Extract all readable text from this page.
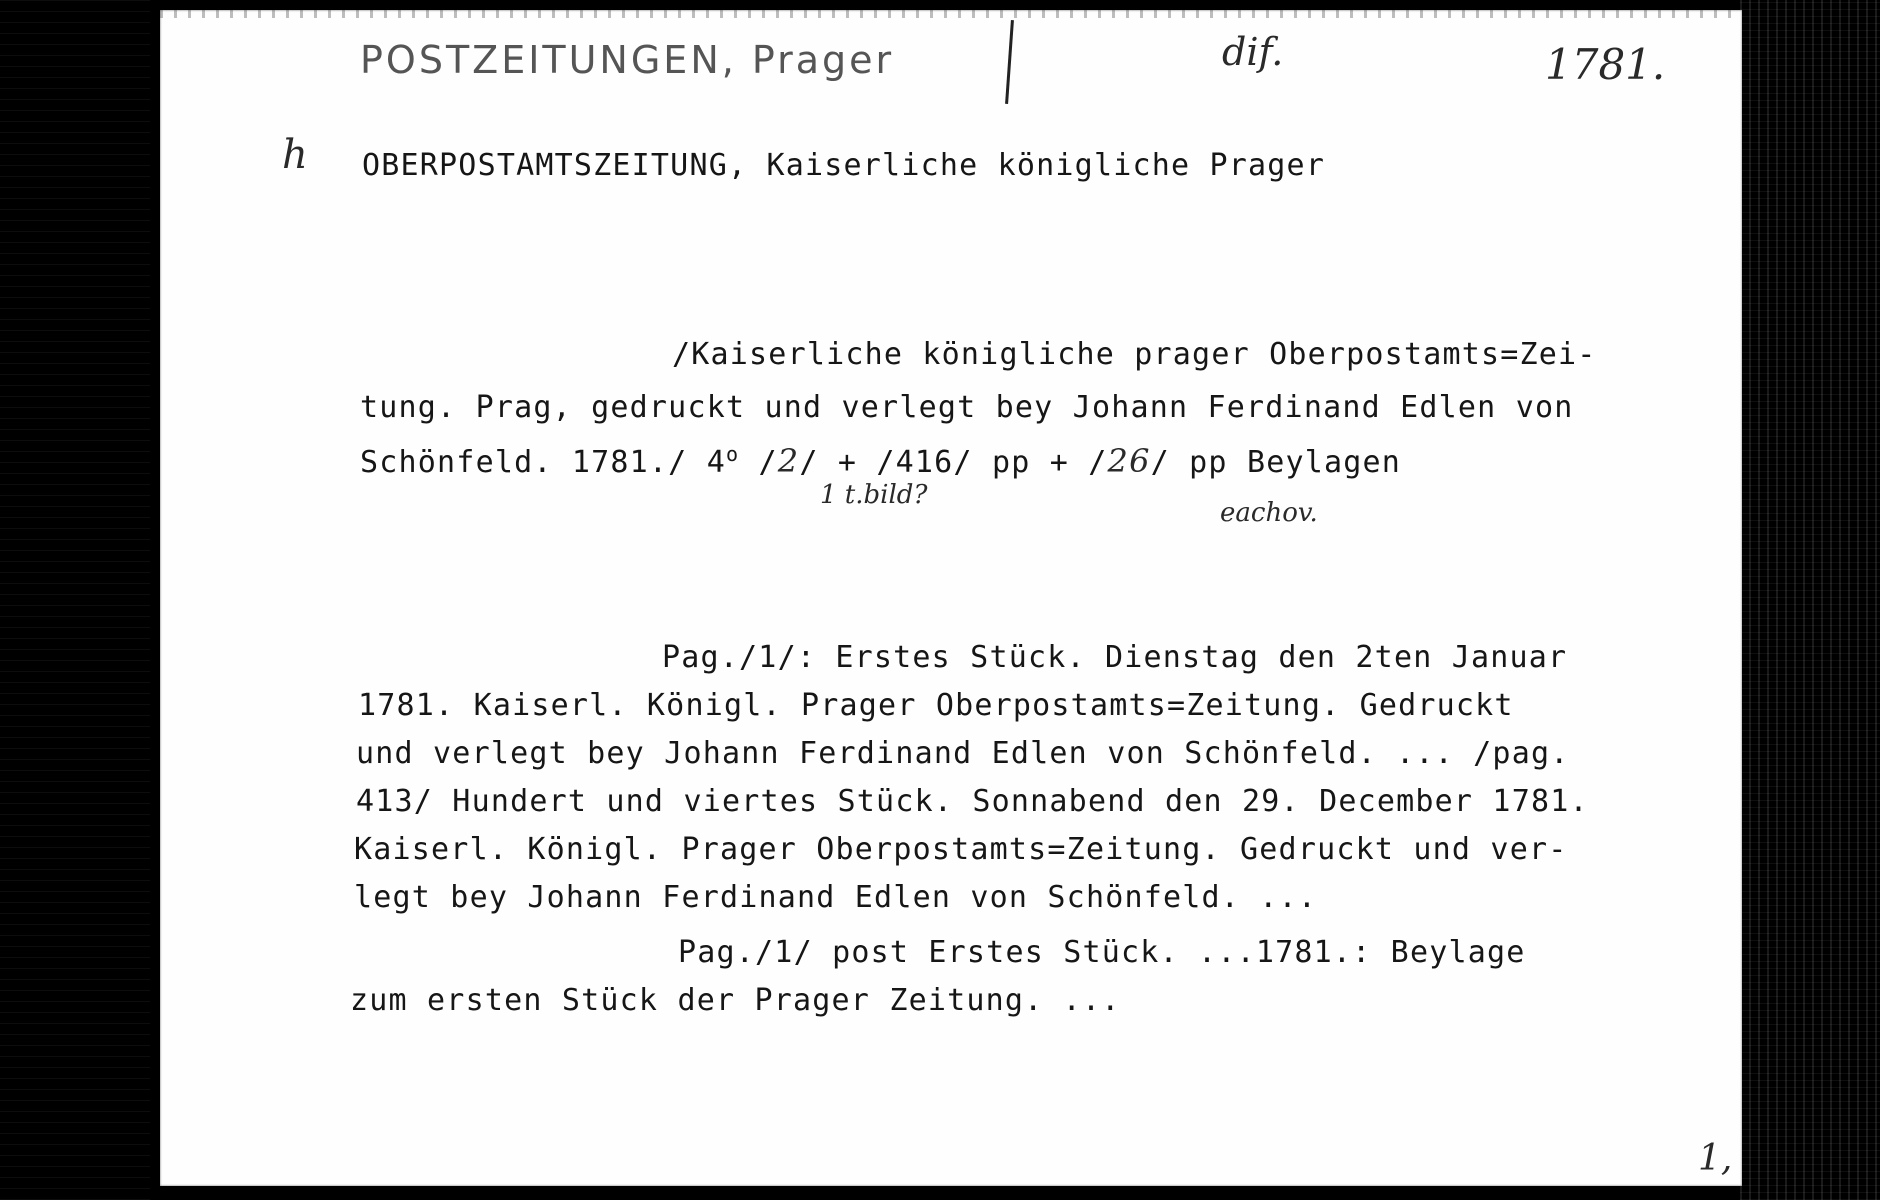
POSTZEITUNGEN, Prager	dif.	1781.
h OBERPOSTAMTSZEITUNG, Kaiserliche königliche Prager
/Kaiserliche königliche prager Oberpostamts=Zei-
tung. Prag, gedruckt und verlegt bey Johann Ferdinand Edlen von
Schönfeld. 1781./ 4$^o$ /2/ + /416/ pp + /26/ pp Beylagen
1 t.bild?
eachov.
Pag./1/: Erstes Stück. Dienstag den 2ten Januar
1781. Kaiserl. Königl. Prager Oberpostamts=Zeitung. Gedruckt
und verlegt bey Johann Ferdinand Edlen von Schönfeld. ... /pag.
413/ Hundert und viertes Stück. Sonnabend den 29. December 1781.
Kaiserl. Königl. Prager Oberpostamts=Zeitung. Gedruckt und ver-
legt bey Johann Ferdinand Edlen von Schönfeld. ...
Pag./1/ post Erstes Stück. ...1781.: Beylage
zum ersten Stück der Prager Zeitung. ...
1,
